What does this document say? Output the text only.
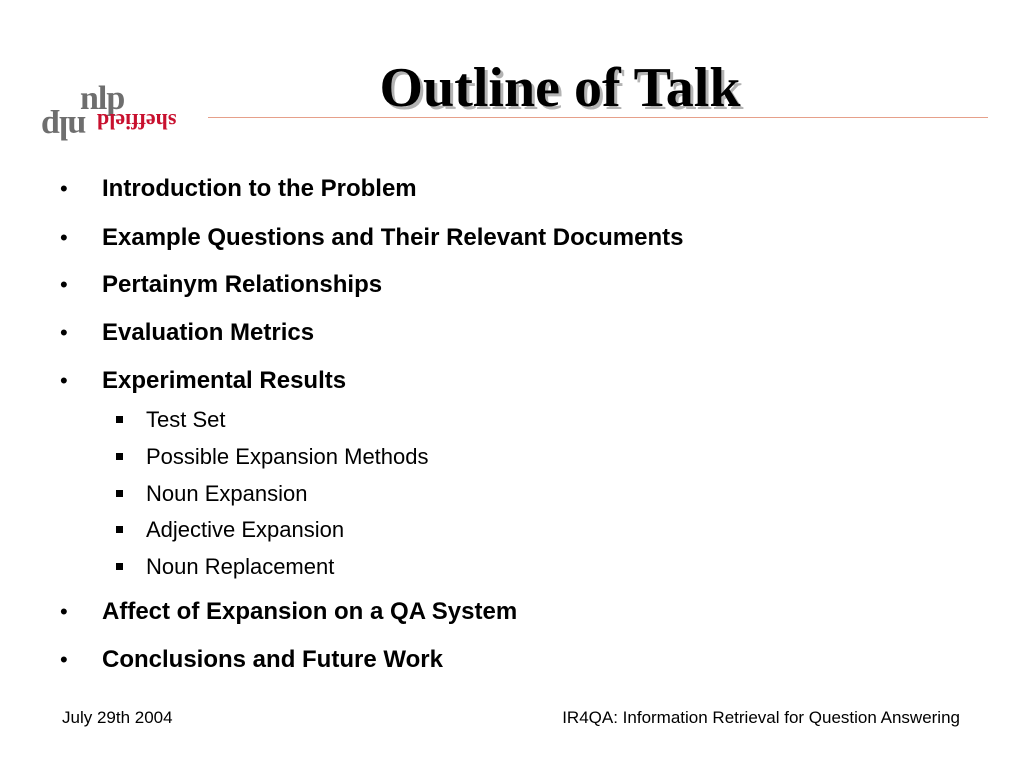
nlp
nlp sheffield
Outline of Talk
• Introduction to the Problem
• Example Questions and Their Relevant Documents
• Pertainym Relationships
• Evaluation Metrics
• Experimental Results
Test Set
Possible Expansion Methods
Noun Expansion
Adjective Expansion
Noun Replacement
• Affect of Expansion on a QA System
• Conclusions and Future Work
July 29th 2004	IR4QA: Information Retrieval for Question Answering
